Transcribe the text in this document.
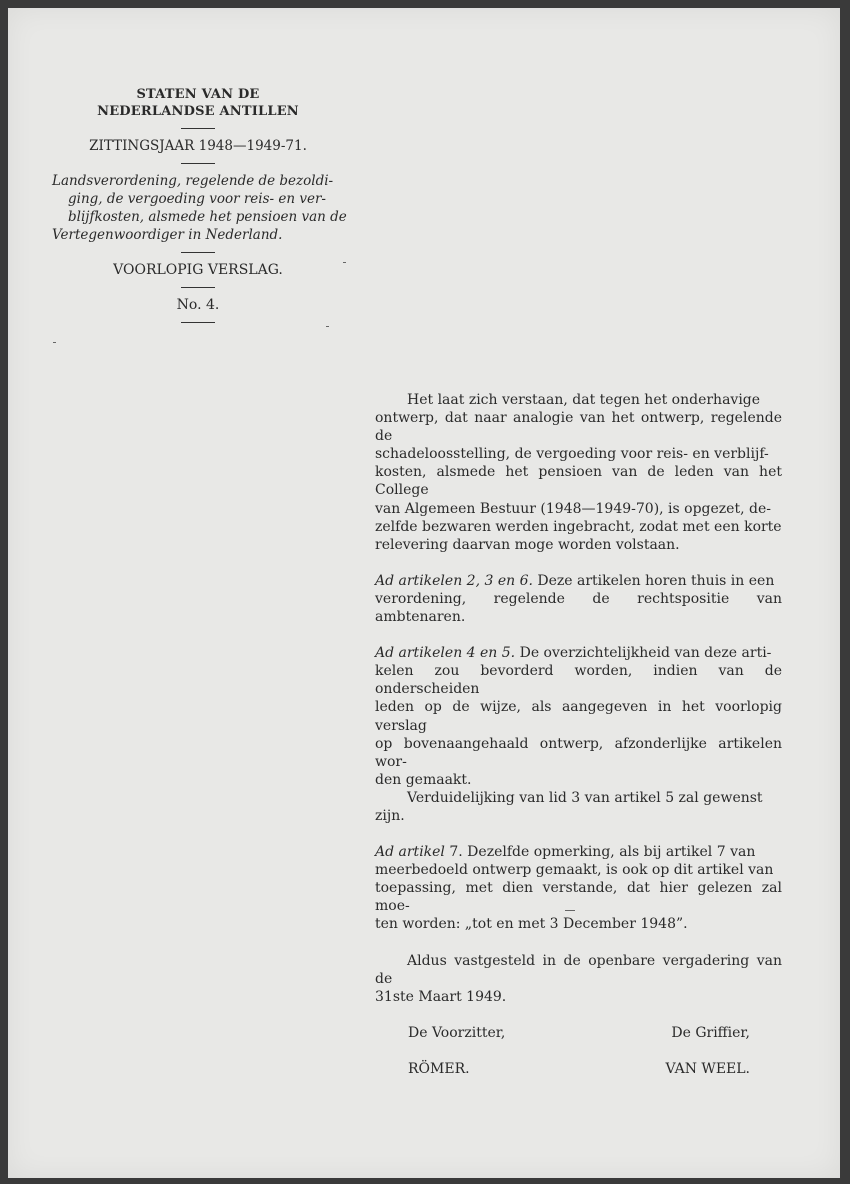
STATEN VAN DE
NEDERLANDSE ANTILLEN
ZITTINGSJAAR 1948—1949-71.
Landsverordening, regelende de bezoldi-
ging, de vergoeding voor reis- en ver-
blijfkosten, alsmede het pensioen van de
Vertegenwoordiger in Nederland.
VOORLOPIG VERSLAG.
No. 4.

Het laat zich verstaan, dat tegen het onderhavige

ontwerp, dat naar analogie van het ontwerp, regelende de

schadeloosstelling, de vergoeding voor reis- en verblijf-

kosten, alsmede het pensioen van de leden van het College

van Algemeen Bestuur (1948—1949-70), is opgezet, de-

zelfde bezwaren werden ingebracht, zodat met een korte

relevering daarvan moge worden volstaan.

Ad artikelen 2, 3 en 6. Deze artikelen horen thuis in een

verordening, regelende de rechtspositie van ambtenaren.

Ad artikelen 4 en 5. De overzichtelijkheid van deze arti-

kelen zou bevorderd worden, indien van de onderscheiden

leden op de wijze, als aangegeven in het voorlopig verslag

op bovenaangehaald ontwerp, afzonderlijke artikelen wor-

den gemaakt.

Verduidelijking van lid 3 van artikel 5 zal gewenst

zijn.

Ad artikel 7. Dezelfde opmerking, als bij artikel 7 van

meerbedoeld ontwerp gemaakt, is ook op dit artikel van

toepassing, met dien verstande, dat hier gelezen zal moe-

ten worden: „tot en met 3 December 1948”.

Aldus vastgesteld in de openbare vergadering van de

31ste Maart 1949.

De Voorzitter,	De Griffier,
RÖMER.	VAN WEEL.
